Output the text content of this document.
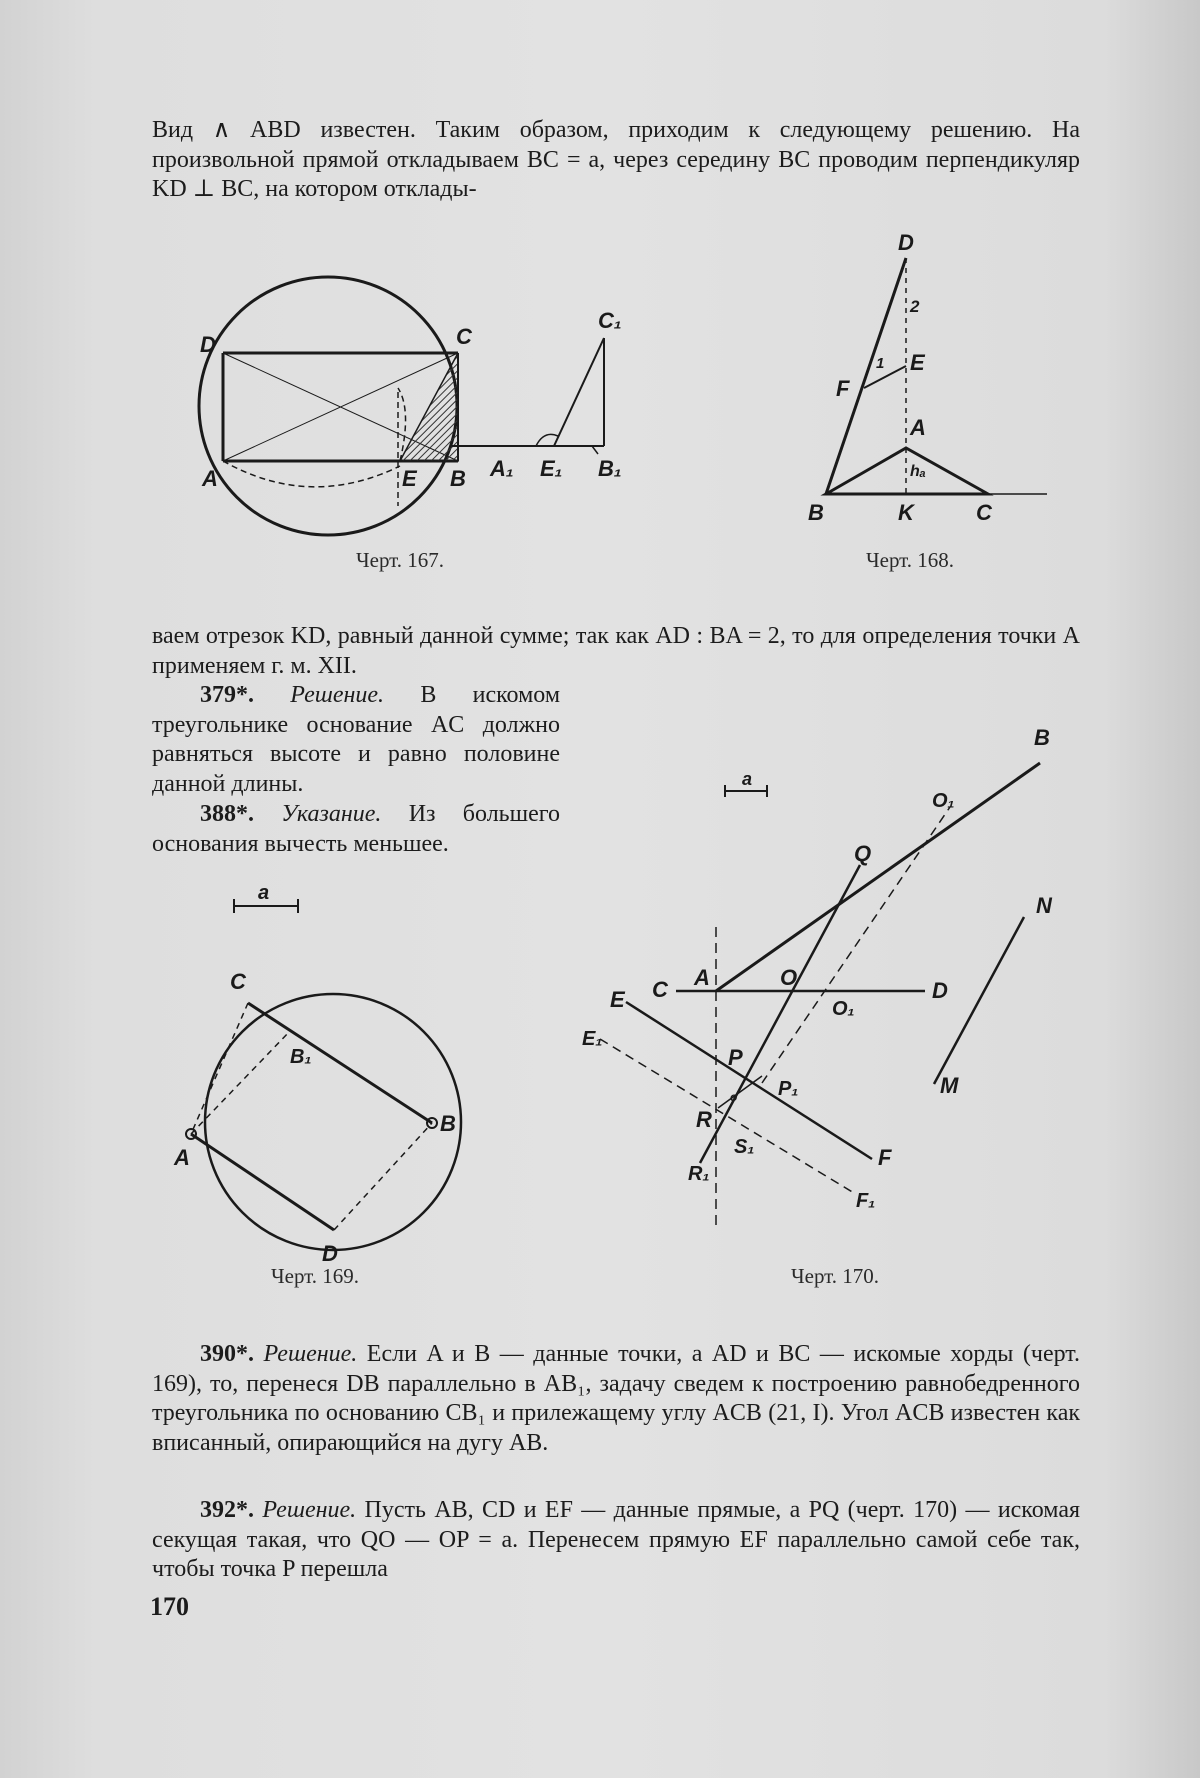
Вид ∧ ABD известен. Таким образом, приходим к следующему решению. На произвольной прямой откладываем BC = a, через середину BC проводим перпендикуляр KD ⊥ BC, на котором отклады-

D	C
A	E B
C₁
A₁ E₁ B₁
Черт. 167.
D
2
E
1
F
A
hₐ
B	K	C
Черт. 168.

ваем отрезок KD, равный данной сумме; так как AD : BA = 2, то для определения точки A применяем г. м. XII.

379*. Решение. В искомом треугольнике основание AC должно равняться высоте и равно половине данной длины.

388*. Указание. Из большего основания вычесть меньшее.

a
C
B₁
A
B
D
Черт. 169.
a
o
B
O₁
Q
N
C A	O
O₁
D
E
E₁
P
P₁	M
R
S₁	F
R₁
F₁
Черт. 170.

390*. Решение. Если A и B — данные точки, а AD и BC — искомые хорды (черт. 169), то, перенеся DB параллельно в AB₁, задачу сведем к построению равнобедренного треугольника по основанию CB₁ и прилежащему углу ACB (21, I). Угол ACB известен как вписанный, опирающийся на дугу AB.

392*. Решение. Пусть AB, CD и EF — данные прямые, а PQ (черт. 170) — искомая секущая такая, что QO — OP = a. Перенесем прямую EF параллельно самой себе так, чтобы точка P перешла

170
